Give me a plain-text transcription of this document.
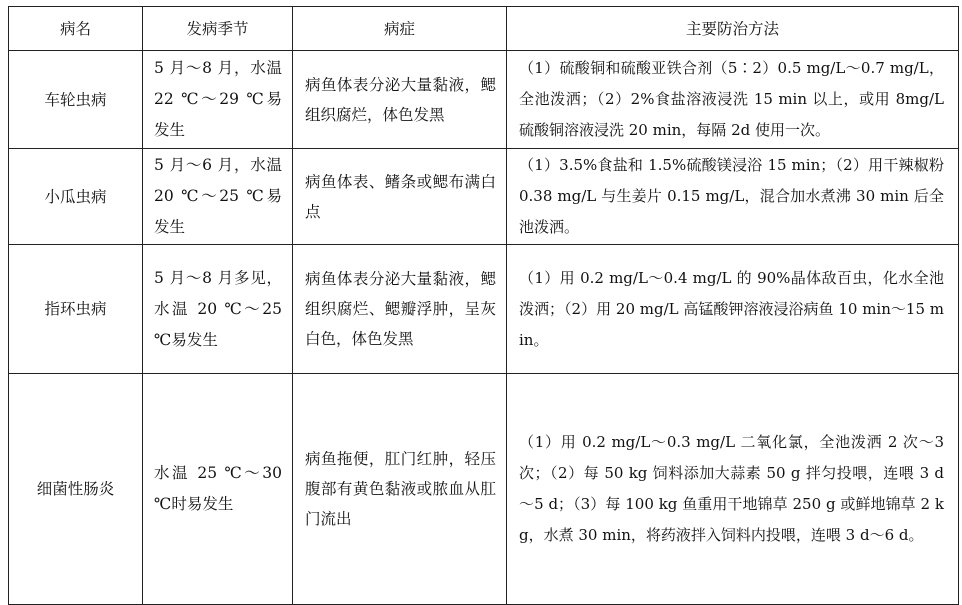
病名	发病季节	病症	主要防治方法
车轮虫病	5 月～8 月，水温 22 ℃～29 ℃易发生	病鱼体表分泌大量黏液，鳃组织腐烂，体色发黑	（1）硫酸铜和硫酸亚铁合剂（5∶2）0.5 mg/L～0.7 mg/L，全池泼洒；（2）2%食盐溶液浸洗 15 min 以上，或用 8mg/L 硫酸铜溶液浸洗 20 min，每隔 2d 使用一次。
小瓜虫病	5 月～6 月，水温 20 ℃～25 ℃易发生	病鱼体表、鳍条或鳃布满白点	（1）3.5%食盐和 1.5%硫酸镁浸浴 15 min；（2）用干辣椒粉 0.38 mg/L 与生姜片 0.15 mg/L，混合加水煮沸 30 min 后全池泼洒。
指环虫病	5 月～8 月多见，水温 20 ℃～25 ℃易发生	病鱼体表分泌大量黏液，鳃组织腐烂、鳃瓣浮肿，呈灰白色，体色发黑	（1）用 0.2 mg/L～0.4 mg/L 的 90%晶体敌百虫，化水全池泼洒；（2）用 20 mg/L 高锰酸钾溶液浸浴病鱼 10 min～15 min。
细菌性肠炎	水温 25 ℃～30 ℃时易发生	病鱼拖便，肛门红肿，轻压腹部有黄色黏液或脓血从肛门流出	（1）用 0.2 mg/L～0.3 mg/L 二氧化氯，全池泼洒 2 次～3 次；（2）每 50 kg 饲料添加大蒜素 50 g 拌匀投喂，连喂 3 d～5 d；（3）每 100 kg 鱼重用干地锦草 250 g 或鲜地锦草 2 kg，水煮 30 min，将药液拌入饲料内投喂，连喂 3 d～6 d。
